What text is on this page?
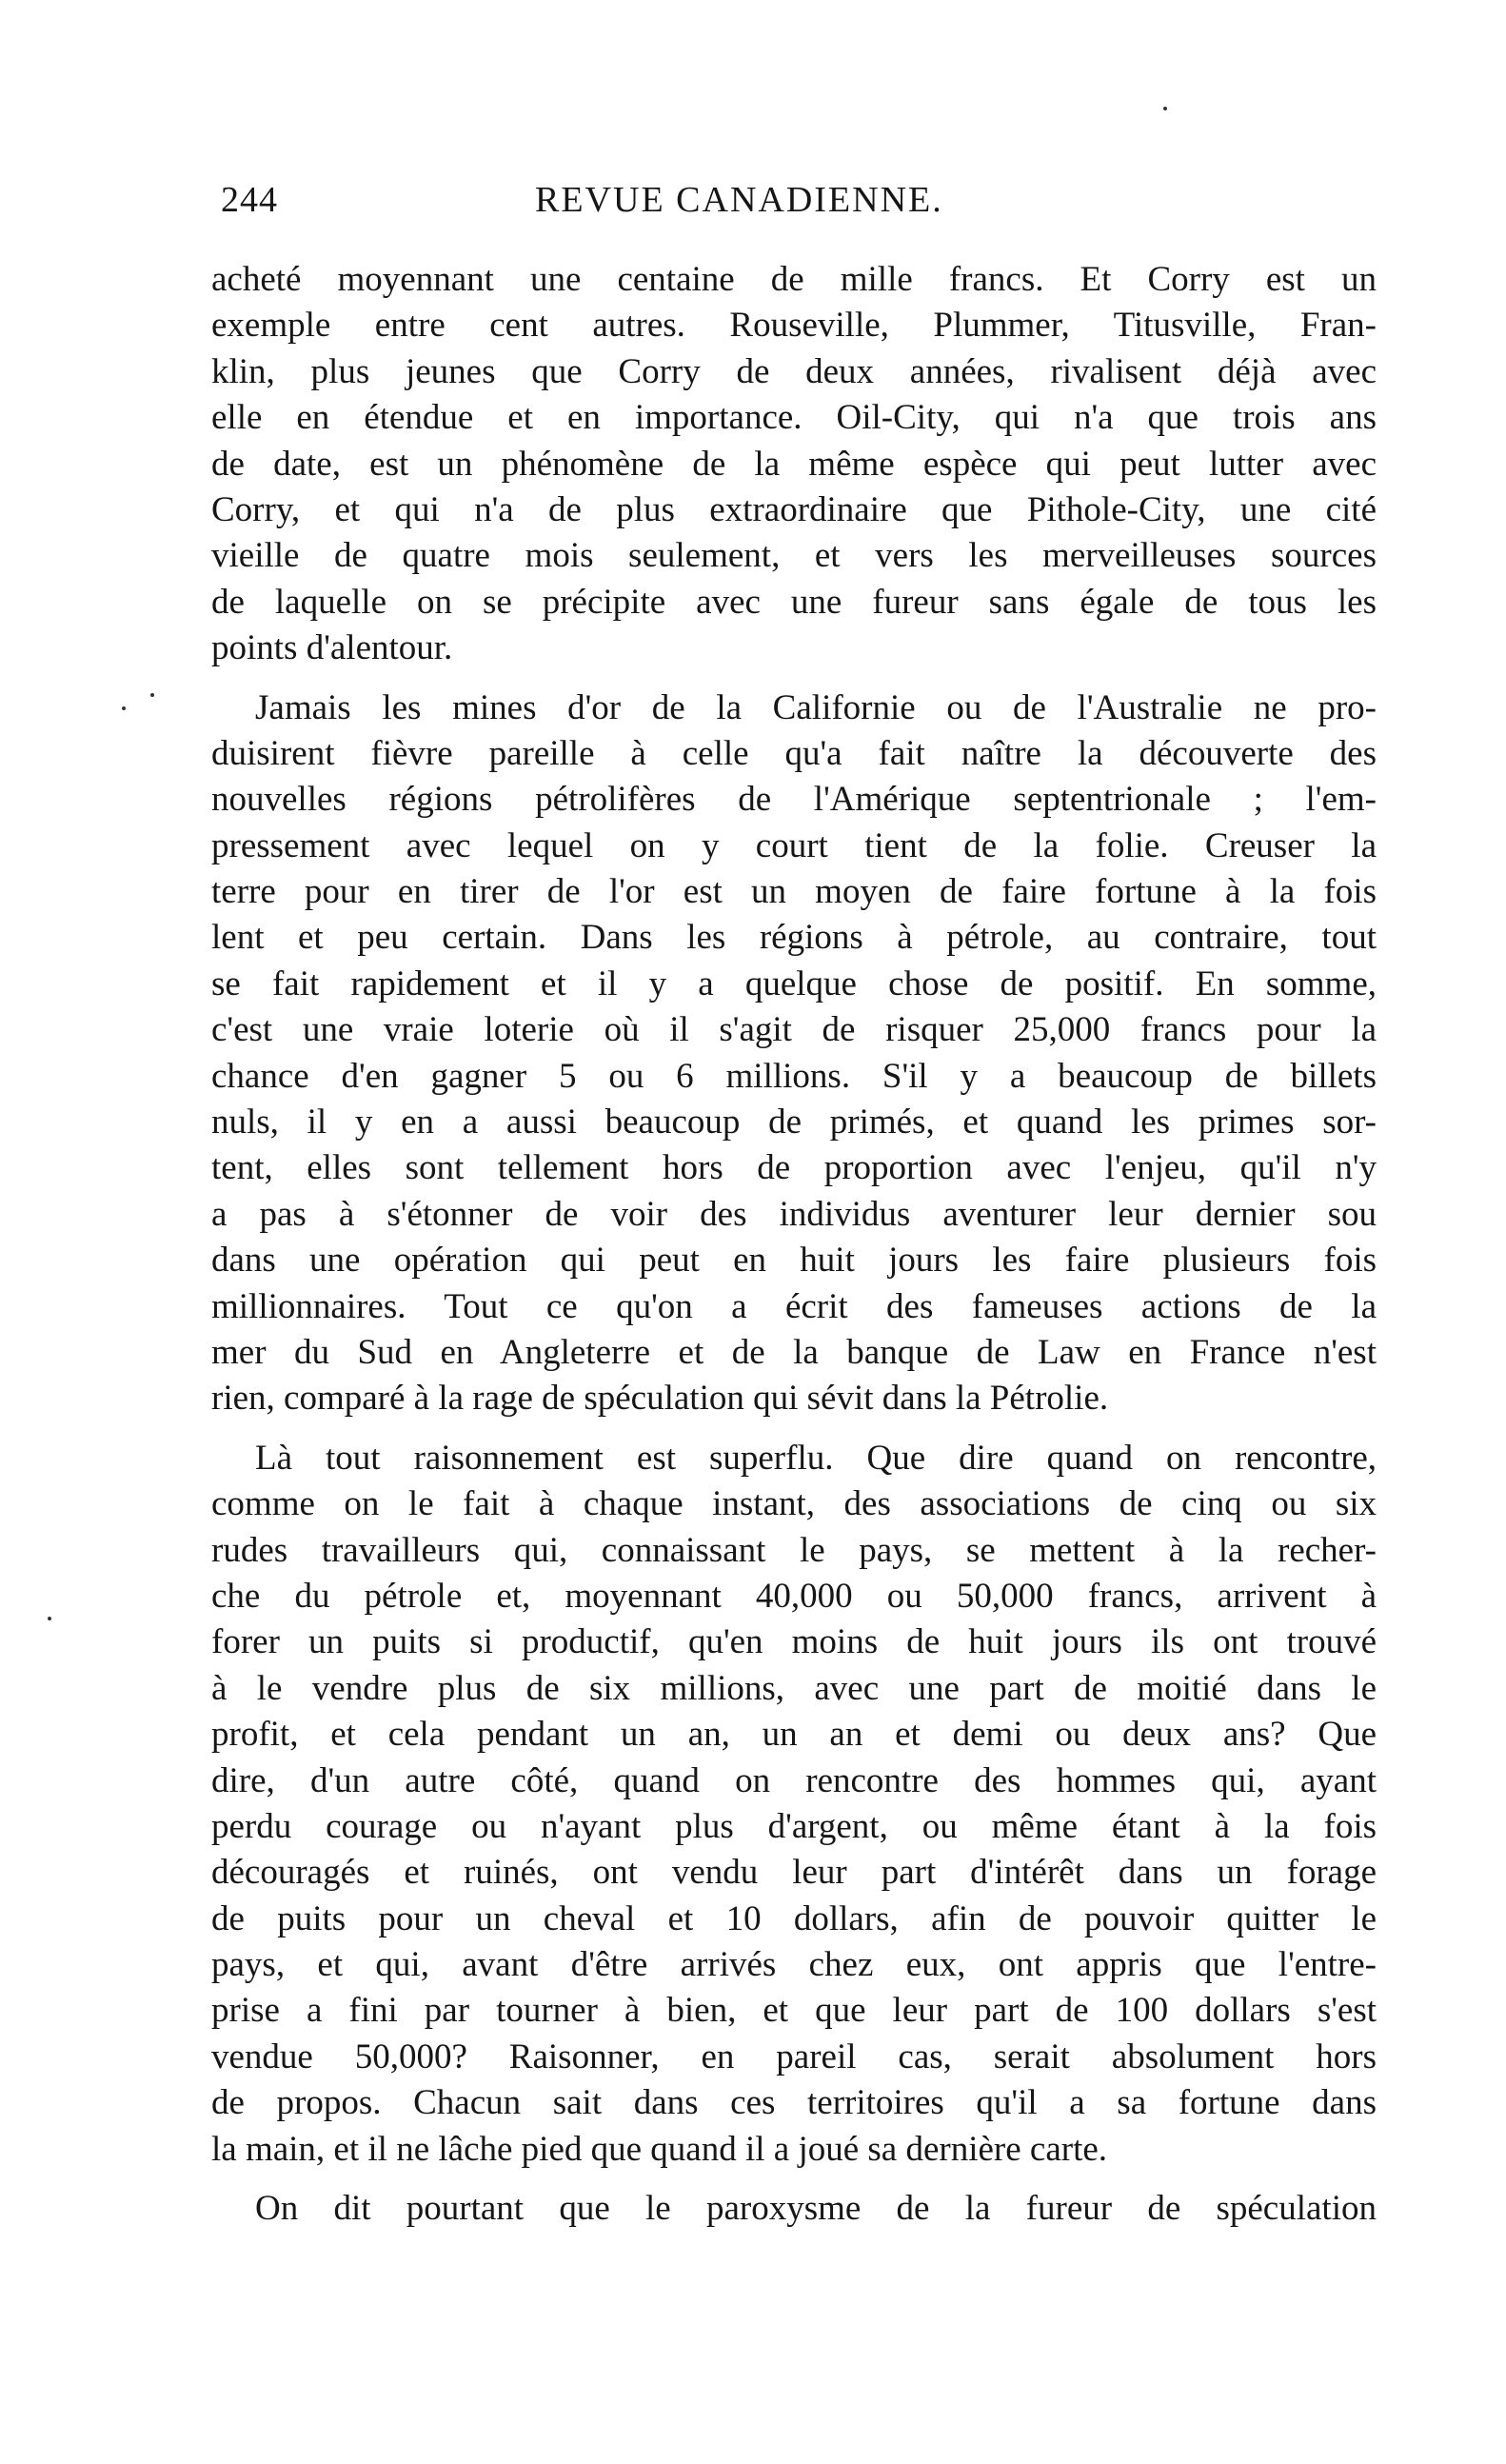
244	REVUE CANADIENNE.
acheté moyennant une centaine de mille francs. Et Corry est un
exemple entre cent autres. Rouseville, Plummer, Titusville, Fran-
klin, plus jeunes que Corry de deux années, rivalisent déjà avec
elle en étendue et en importance. Oil-City, qui n'a que trois ans
de date, est un phénomène de la même espèce qui peut lutter avec
Corry, et qui n'a de plus extraordinaire que Pithole-City, une cité
vieille de quatre mois seulement, et vers les merveilleuses sources
de laquelle on se précipite avec une fureur sans égale de tous les
points d'alentour.
Jamais les mines d'or de la Californie ou de l'Australie ne pro-
duisirent fièvre pareille à celle qu'a fait naître la découverte des
nouvelles régions pétrolifères de l'Amérique septentrionale ; l'em-
pressement avec lequel on y court tient de la folie. Creuser la
terre pour en tirer de l'or est un moyen de faire fortune à la fois
lent et peu certain. Dans les régions à pétrole, au contraire, tout
se fait rapidement et il y a quelque chose de positif. En somme,
c'est une vraie loterie où il s'agit de risquer 25,000 francs pour la
chance d'en gagner 5 ou 6 millions. S'il y a beaucoup de billets
nuls, il y en a aussi beaucoup de primés, et quand les primes sor-
tent, elles sont tellement hors de proportion avec l'enjeu, qu'il n'y
a pas à s'étonner de voir des individus aventurer leur dernier sou
dans une opération qui peut en huit jours les faire plusieurs fois
millionnaires. Tout ce qu'on a écrit des fameuses actions de la
mer du Sud en Angleterre et de la banque de Law en France n'est
rien, comparé à la rage de spéculation qui sévit dans la Pétrolie.
Là tout raisonnement est superflu. Que dire quand on rencontre,
comme on le fait à chaque instant, des associations de cinq ou six
rudes travailleurs qui, connaissant le pays, se mettent à la recher-
che du pétrole et, moyennant 40,000 ou 50,000 francs, arrivent à
forer un puits si productif, qu'en moins de huit jours ils ont trouvé
à le vendre plus de six millions, avec une part de moitié dans le
profit, et cela pendant un an, un an et demi ou deux ans? Que
dire, d'un autre côté, quand on rencontre des hommes qui, ayant
perdu courage ou n'ayant plus d'argent, ou même étant à la fois
découragés et ruinés, ont vendu leur part d'intérêt dans un forage
de puits pour un cheval et 10 dollars, afin de pouvoir quitter le
pays, et qui, avant d'être arrivés chez eux, ont appris que l'entre-
prise a fini par tourner à bien, et que leur part de 100 dollars s'est
vendue 50,000? Raisonner, en pareil cas, serait absolument hors
de propos. Chacun sait dans ces territoires qu'il a sa fortune dans
la main, et il ne lâche pied que quand il a joué sa dernière carte.
On dit pourtant que le paroxysme de la fureur de spéculation
